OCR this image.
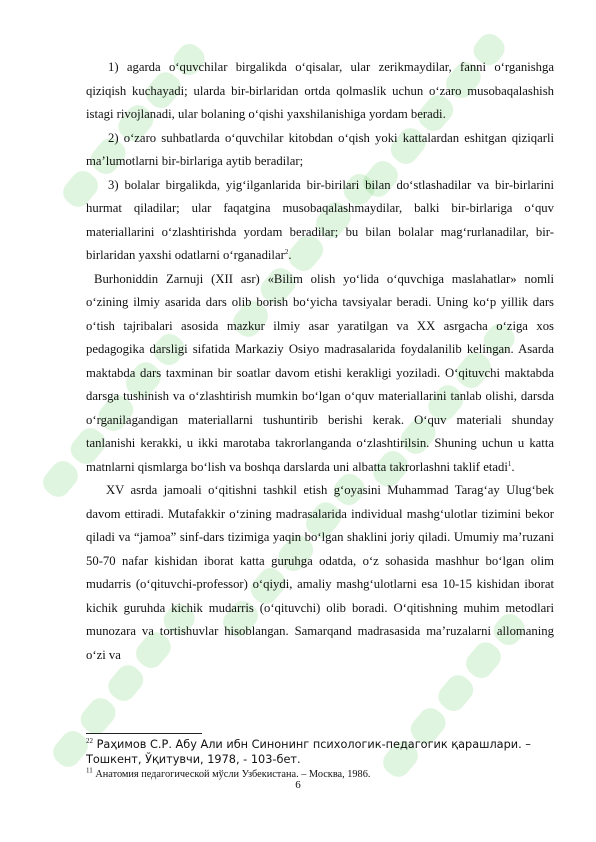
1) agarda o‘quvchilar birgalikda o‘qisalar, ular zerikmaydilar, fanni o‘rganishga qiziqish kuchayadi; ularda bir-birlaridan ortda qolmaslik uchun o‘zaro musobaqalashish istagi rivojlanadi, ular bolaning o‘qishi yaxshilanishiga yordam beradi.

2) o‘zaro suhbatlarda o‘quvchilar kitobdan o‘qish yoki kattalardan eshitgan qiziqarli ma’lumotlarni bir-birlariga aytib beradilar;

3) bolalar birgalikda, yig‘ilganlarida bir-birilari bilan do‘stlashadilar va bir-birlarini hurmat qiladilar; ular faqatgina musobaqalashmaydilar, balki bir-birlariga o‘quv materiallarini o‘zlashtirishda yordam beradilar; bu bilan bolalar mag‘rurlanadilar, bir-birlaridan yaxshi odatlarni o‘rganadilar$^2$.

Burhoniddin Zarnuji (XII asr) «Bilim olish yo‘lida o‘quvchiga maslahatlar» nomli o‘zining ilmiy asarida dars olib borish bo‘yicha tavsiyalar beradi. Uning ko‘p yillik dars o‘tish tajribalari asosida mazkur ilmiy asar yaratilgan va XX asrgacha o‘ziga xos pedagogika darsligi sifatida Markaziy Osiyo madrasalarida foydalanilib kelingan. Asarda maktabda dars taxminan bir soatlar davom etishi kerakligi yoziladi. O‘qituvchi maktabda darsga tushinish va o‘zlashtirish mumkin bo‘lgan o‘quv materiallarini tanlab olishi, darsda o‘rganilagandigan materiallarni tushuntirib berishi kerak. O‘quv materiali shunday tanlanishi kerakki, u ikki marotaba takrorlanganda o‘zlashtirilsin. Shuning uchun u katta matnlarni qismlarga bo‘lish va boshqa darslarda uni albatta takrorlashni taklif etadi$^1$.

XV asrda jamoali o‘qitishni tashkil etish g‘oyasini Muhammad Tarag‘ay Ulug‘bek davom ettiradi. Mutafakkir o‘zining madrasalarida individual mashg‘ulotlar tizimini bekor qiladi va “jamoa” sinf-dars tizimiga yaqin bo‘lgan shaklini joriy qiladi. Umumiy ma’ruzani 50-70 nafar kishidan iborat katta guruhga odatda, o‘z sohasida mashhur bo‘lgan olim mudarris (o‘qituvchi-professor) o‘qiydi, amaliy mashg‘ulotlarni esa 10-15 kishidan iborat kichik guruhda kichik mudarris (o‘qituvchi) olib boradi. O‘qitishning muhim metodlari munozara va tortishuvlar hisoblangan. Samarqand madrasasida ma’ruzalarni allomaning o‘zi va

$^{22}$ Раҳимов С.Р. Абу Али ибн Синонинг психологик-педагогик қарашлари. – Тошкент, Ўқитувчи, 1978, - 103-бет.
$^{11}$ Анатомия педагогической мўсли Узбекистана. – Москва, 1986.
6
